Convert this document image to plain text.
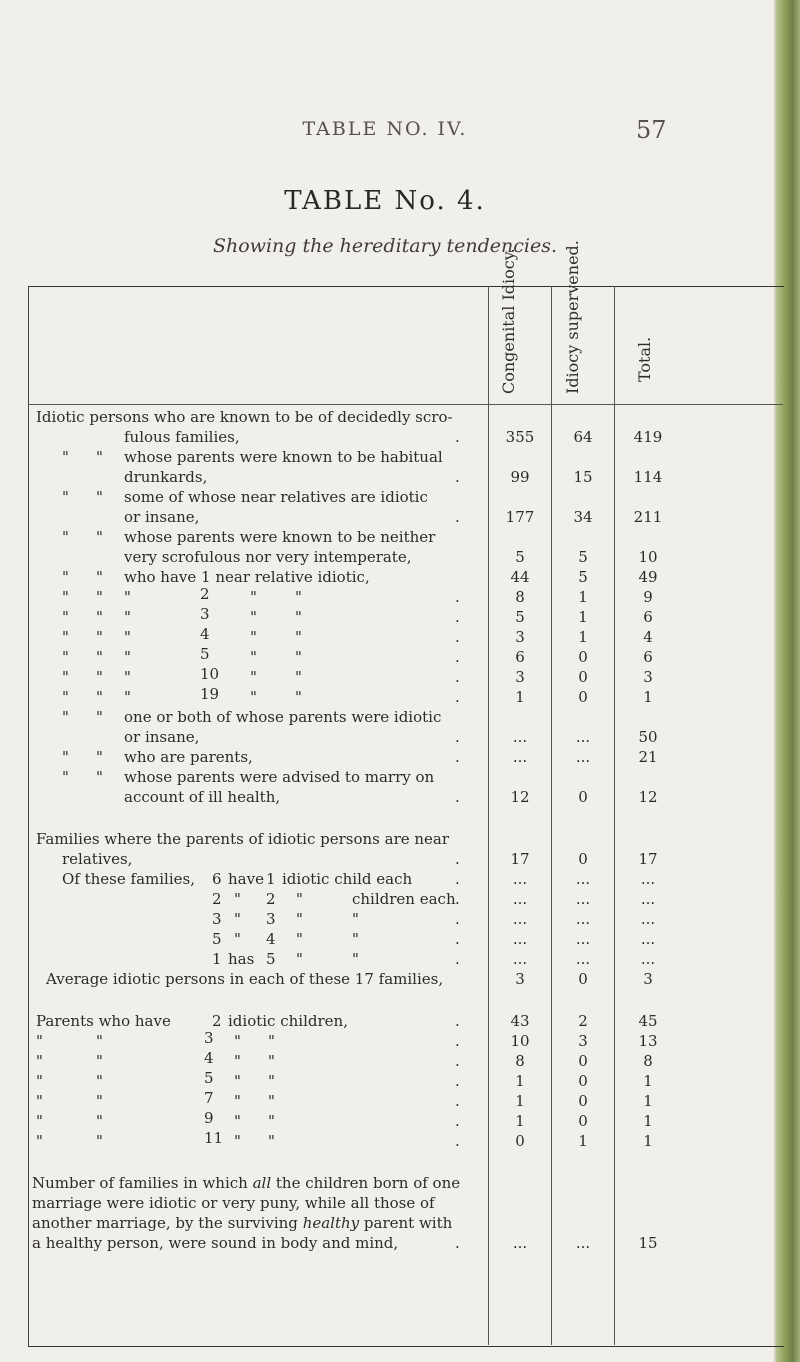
TABLE NO. IV.	57
TABLE No. 4.
Showing the hereditary tendencies.
Congenital Idiocy.	Idiocy supervened.	Total.
Idiotic persons who are known to be of decidedly scro-
fulous families,	.	355	64	419
" " whose parents were known to be habitual
drunkards,	.	99	15	114
" " some of whose near relatives are idiotic
or insane,	.	177	34	211
" " whose parents were known to be neither
very scrofulous nor very intemperate,	5	5	10
" " who have 1 near relative idiotic,	44	5	49
" " "	2	"	"	.	8	1	9
" " "	3	"	"	.	5	1	6
" " "	4	"	"	.	3	1	4
" " "	5	"	"	.	6	0	6
" " "	10 "	"	.	3	0	3
" " "	19 "	"	.	1	0	1
" " one or both of whose parents were idiotic
or insane,	.	...	...	50
" " who are parents,	.	...	...	21
" " whose parents were advised to marry on
account of ill health,	.	12	0	12
Families where the parents of idiotic persons are near
relatives,	.	17	0	17
Of these families, 6 have 1 idiotic child each	.	...	...	...
2 " 2 "	children each .	...	...	...
3 " 3 "	"	.	...	...	...
5 " 4 "	"	.	...	...	...
1 has 5 "	"	.	...	...	...
Average idiotic persons in each of these 17 families,	3	0	3
Parents who have	2 idiotic children,	.	43	2	45
"	"	3 " "	.	10	3	13
"	"	4 " "	.	8	0	8
"	"	5 " "	.	1	0	1
"	"	7 " "	.	1	0	1
"	"	9 " "	.	1	0	1
"	"	11 " "	.	0	1	1
Number of families in which all the children born of one
marriage were idiotic or very puny, while all those of
another marriage, by the surviving healthy parent with
a healthy person, were sound in body and mind,	.	...	...	15
